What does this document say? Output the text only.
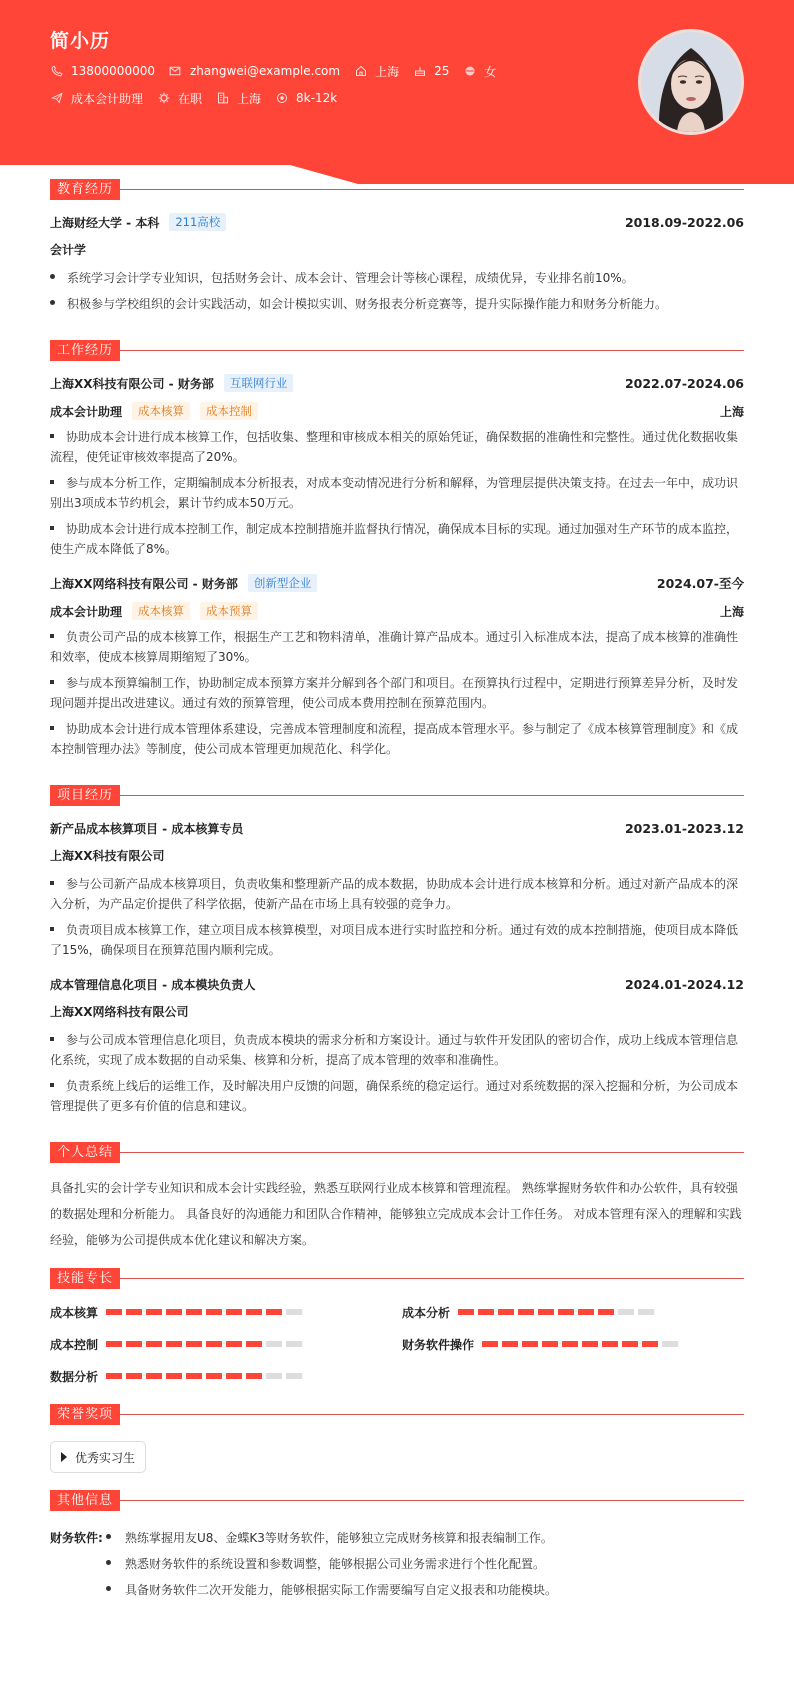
简小历
13800000000	zhangwei@example.com	上海	25	女
成本会计助理	在职	上海	8k-12k
教育经历
上海财经大学 - 本科	211高校	2018.09-2022.06
会计学
系统学习会计学专业知识，包括财务会计、成本会计、管理会计等核心课程，成绩优异，专业排名前10%。
积极参与学校组织的会计实践活动，如会计模拟实训、财务报表分析竞赛等，提升实际操作能力和财务分析能力。
工作经历
上海XX科技有限公司 - 财务部	互联网行业	2022.07-2024.06
成本会计助理	成本核算	成本控制	上海
协助成本会计进行成本核算工作，包括收集、整理和审核成本相关的原始凭证，确保数据的准确性和完整性。通过优化数据收集流程，使凭证审核效率提高了20%。
参与成本分析工作，定期编制成本分析报表，对成本变动情况进行分析和解释，为管理层提供决策支持。在过去一年中，成功识别出3项成本节约机会，累计节约成本50万元。
协助成本会计进行成本控制工作，制定成本控制措施并监督执行情况，确保成本目标的实现。通过加强对生产环节的成本监控，使生产成本降低了8%。
上海XX网络科技有限公司 - 财务部	创新型企业	2024.07-至今
成本会计助理	成本核算	成本预算	上海
负责公司产品的成本核算工作，根据生产工艺和物料清单，准确计算产品成本。通过引入标准成本法，提高了成本核算的准确性和效率，使成本核算周期缩短了30%。
参与成本预算编制工作，协助制定成本预算方案并分解到各个部门和项目。在预算执行过程中，定期进行预算差异分析，及时发现问题并提出改进建议。通过有效的预算管理，使公司成本费用控制在预算范围内。
协助成本会计进行成本管理体系建设，完善成本管理制度和流程，提高成本管理水平。参与制定了《成本核算管理制度》和《成本控制管理办法》等制度，使公司成本管理更加规范化、科学化。
项目经历
新产品成本核算项目 - 成本核算专员	2023.01-2023.12
上海XX科技有限公司
参与公司新产品成本核算项目，负责收集和整理新产品的成本数据，协助成本会计进行成本核算和分析。通过对新产品成本的深入分析，为产品定价提供了科学依据，使新产品在市场上具有较强的竞争力。
负责项目成本核算工作，建立项目成本核算模型，对项目成本进行实时监控和分析。通过有效的成本控制措施，使项目成本降低了15%，确保项目在预算范围内顺利完成。
成本管理信息化项目 - 成本模块负责人	2024.01-2024.12
上海XX网络科技有限公司
参与公司成本管理信息化项目，负责成本模块的需求分析和方案设计。通过与软件开发团队的密切合作，成功上线成本管理信息化系统，实现了成本数据的自动采集、核算和分析，提高了成本管理的效率和准确性。
负责系统上线后的运维工作，及时解决用户反馈的问题，确保系统的稳定运行。通过对系统数据的深入挖掘和分析，为公司成本管理提供了更多有价值的信息和建议。
个人总结
具备扎实的会计学专业知识和成本会计实践经验，熟悉互联网行业成本核算和管理流程。 熟练掌握财务软件和办公软件，具有较强的数据处理和分析能力。 具备良好的沟通能力和团队合作精神，能够独立完成成本会计工作任务。 对成本管理有深入的理解和实践经验，能够为公司提供成本优化建议和解决方案。
技能专长
成本核算	成本分析
成本控制	财务软件操作
数据分析
荣誉奖项
优秀实习生
其他信息
财务软件:	熟练掌握用友U8、金蝶K3等财务软件，能够独立完成财务核算和报表编制工作。
熟悉财务软件的系统设置和参数调整，能够根据公司业务需求进行个性化配置。
具备财务软件二次开发能力，能够根据实际工作需要编写自定义报表和功能模块。
